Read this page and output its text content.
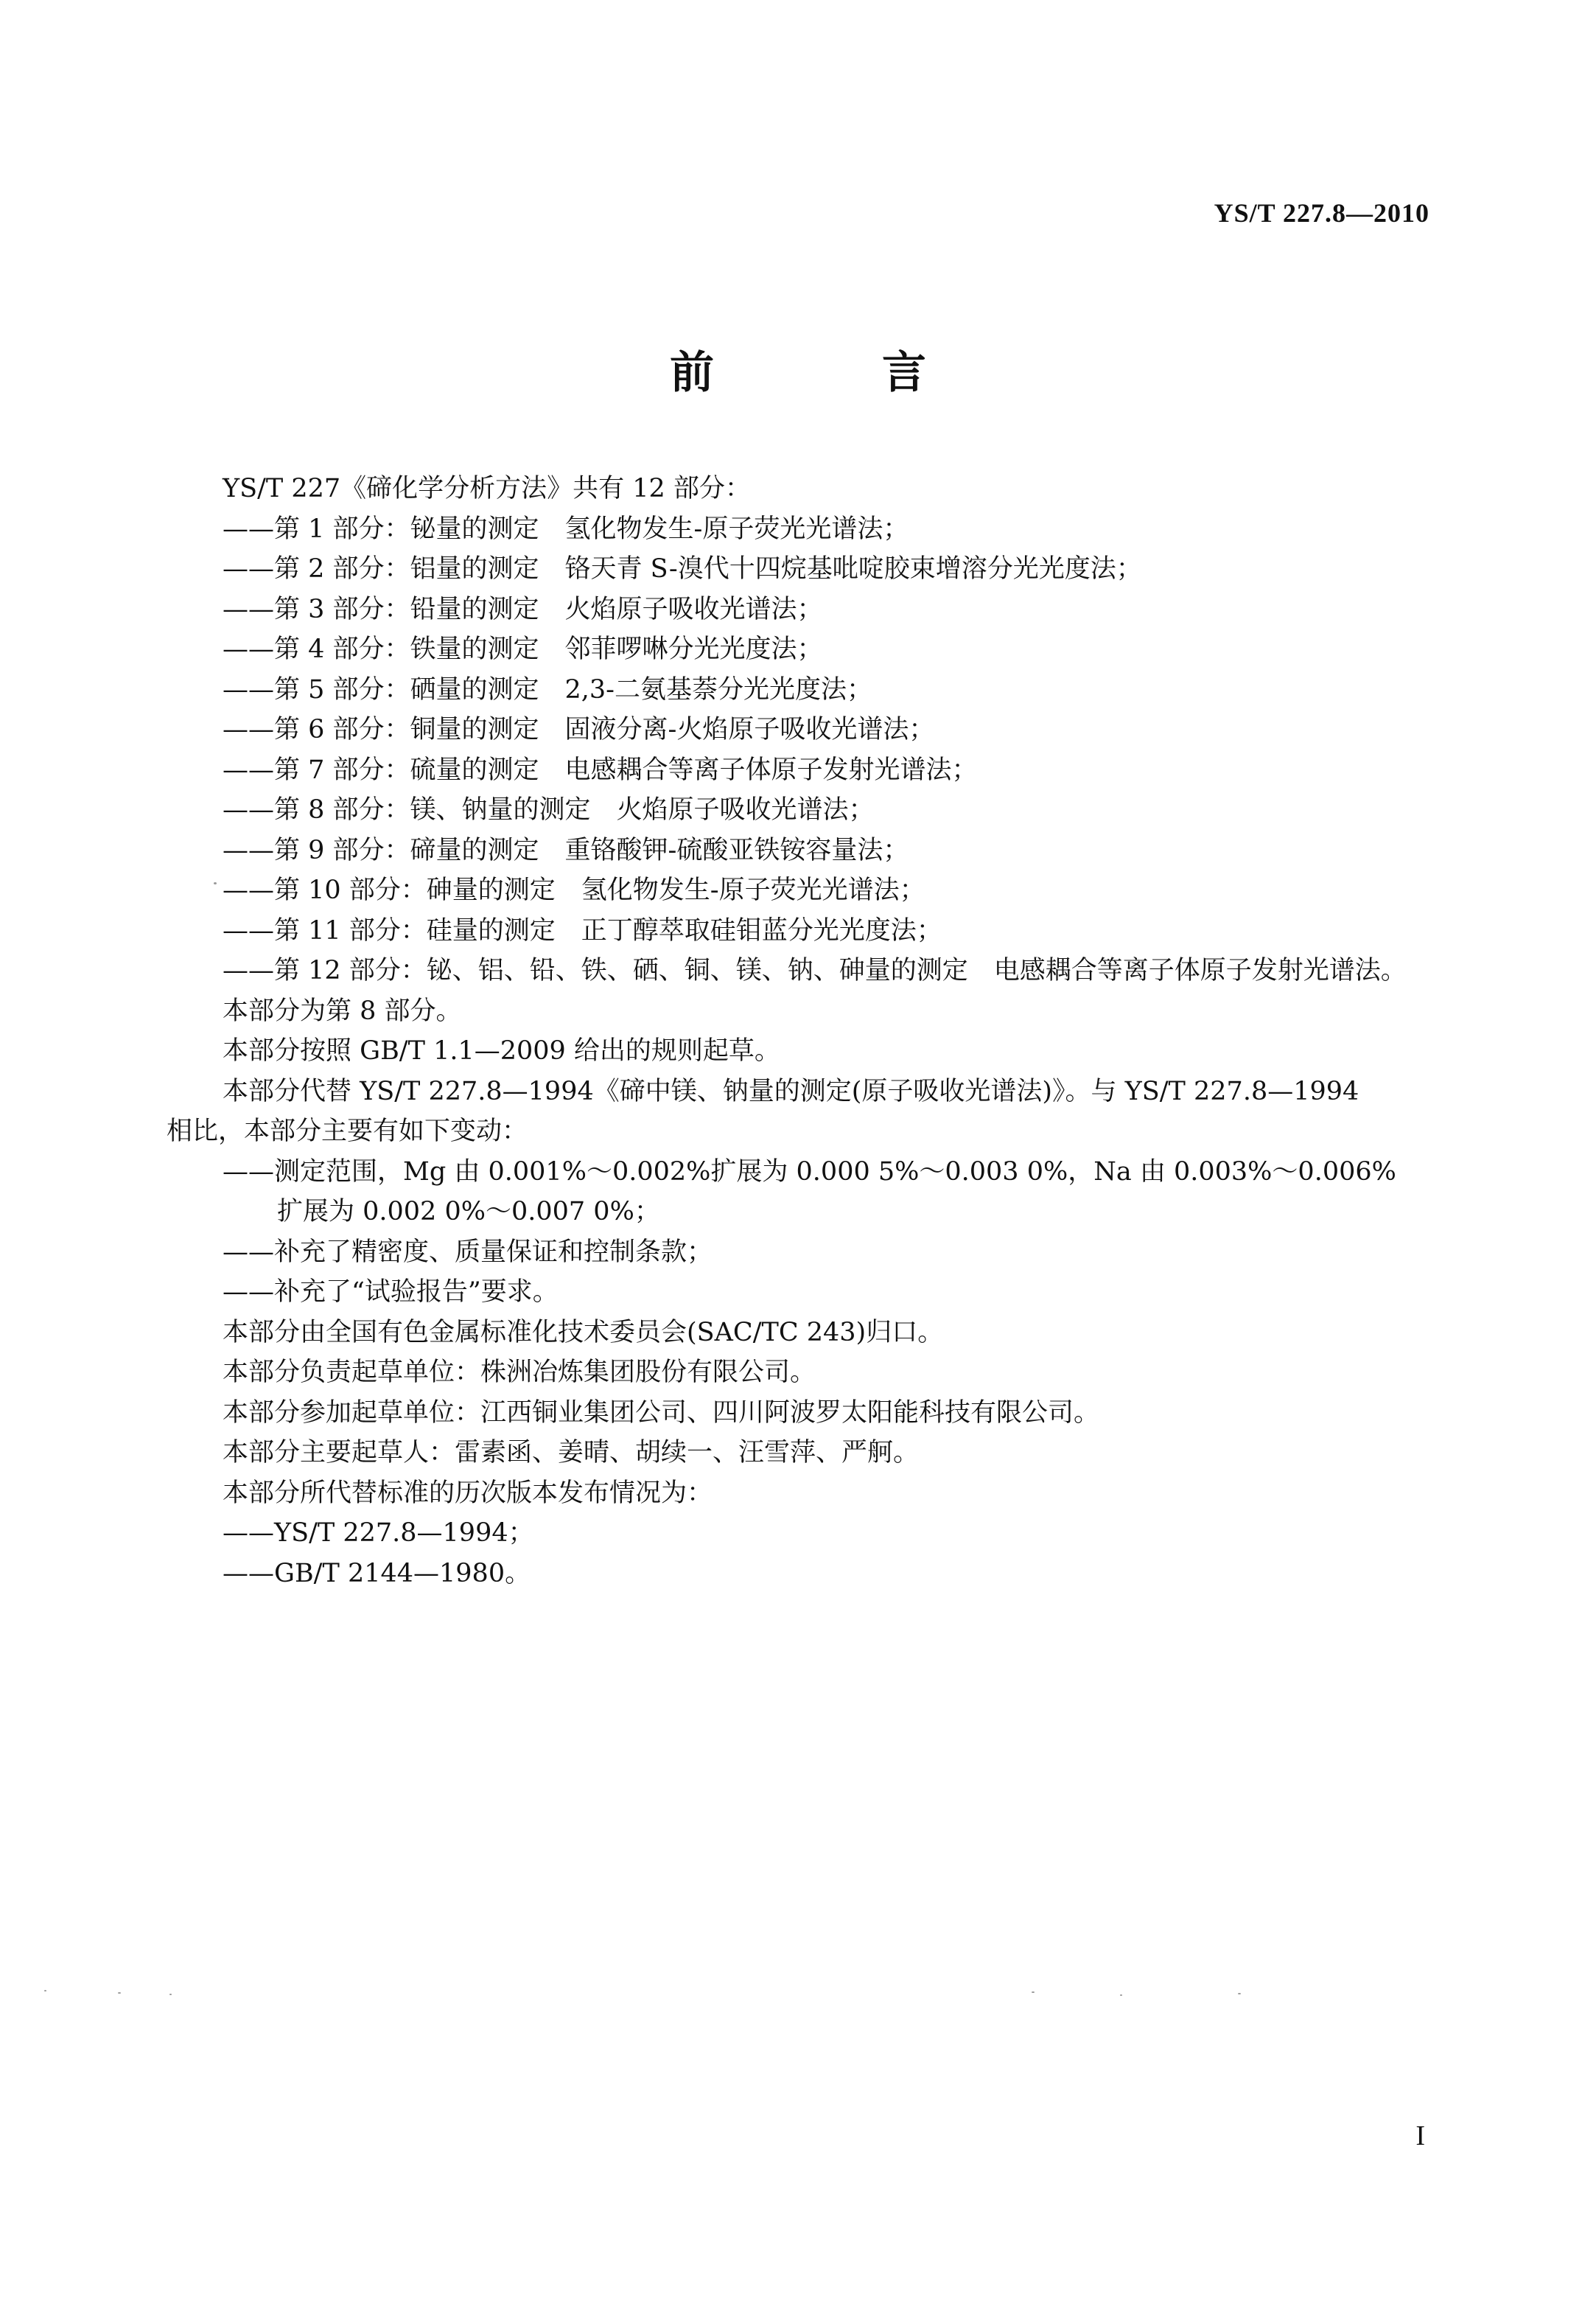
YS/T 227.8—2010
前　言

YS/T 227《碲化学分析方法》共有 12 部分：

——第 1 部分：铋量的测定　氢化物发生-原子荧光光谱法；

——第 2 部分：铝量的测定　铬天青 S-溴代十四烷基吡啶胶束增溶分光光度法；

——第 3 部分：铅量的测定　火焰原子吸收光谱法；

——第 4 部分：铁量的测定　邻菲啰啉分光光度法；

——第 5 部分：硒量的测定　2,3-二氨基萘分光光度法；

——第 6 部分：铜量的测定　固液分离-火焰原子吸收光谱法；

——第 7 部分：硫量的测定　电感耦合等离子体原子发射光谱法；

——第 8 部分：镁、钠量的测定　火焰原子吸收光谱法；

——第 9 部分：碲量的测定　重铬酸钾-硫酸亚铁铵容量法；

——第 10 部分：砷量的测定　氢化物发生-原子荧光光谱法；

——第 11 部分：硅量的测定　正丁醇萃取硅钼蓝分光光度法；

——第 12 部分：铋、铝、铅、铁、硒、铜、镁、钠、砷量的测定　电感耦合等离子体原子发射光谱法。

本部分为第 8 部分。

本部分按照 GB/T 1.1—2009 给出的规则起草。

本部分代替 YS/T 227.8—1994《碲中镁、钠量的测定(原子吸收光谱法)》。与 YS/T 227.8—1994

相比，本部分主要有如下变动：

——测定范围，Mg 由 0.001%～0.002%扩展为 0.000 5%～0.003 0%，Na 由 0.003%～0.006%

扩展为 0.002 0%～0.007 0%；

——补充了精密度、质量保证和控制条款；

——补充了“试验报告”要求。

本部分由全国有色金属标准化技术委员会(SAC/TC 243)归口。

本部分负责起草单位：株洲冶炼集团股份有限公司。

本部分参加起草单位：江西铜业集团公司、四川阿波罗太阳能科技有限公司。

本部分主要起草人：雷素函、姜晴、胡续一、汪雪萍、严舸。

本部分所代替标准的历次版本发布情况为：

——YS/T 227.8—1994；

——GB/T 2144—1980。

I
